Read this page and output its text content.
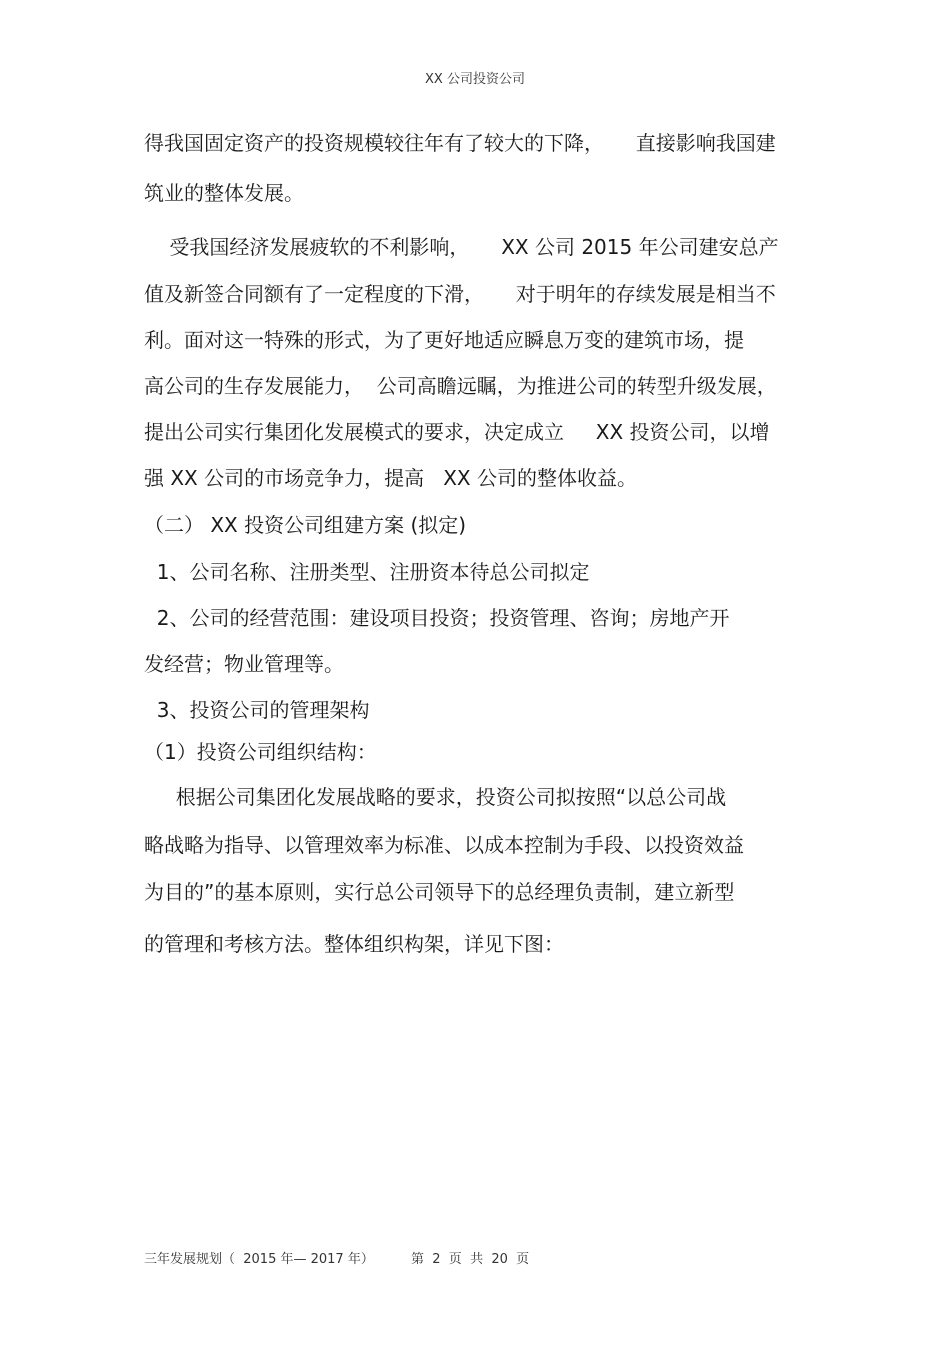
XX 公司投资公司
得我国固定资产的投资规模较往年有了较大的下降，     直接影响我国建
筑业的整体发展。
受我国经济发展疲软的不利影响，     XX 公司 2015 年公司建安总产
值及新签合同额有了一定程度的下滑，     对于明年的存续发展是相当不
利。面对这一特殊的形式，为了更好地适应瞬息万变的建筑市场，提
高公司的生存发展能力，  公司高瞻远瞩，为推进公司的转型升级发展，
提出公司实行集团化发展模式的要求，决定成立     XX 投资公司，以增
强 XX 公司的市场竞争力，提高   XX 公司的整体收益。
（二） XX 投资公司组建方案 (拟定)
1、公司名称、注册类型、注册资本待总公司拟定
2、公司的经营范围：建设项目投资；投资管理、咨询；房地产开
发经营；物业管理等。
3、投资公司的管理架构
（1）投资公司组织结构：
根据公司集团化发展战略的要求，投资公司拟按照“以总公司战
略战略为指导、以管理效率为标准、以成本控制为手段、以投资效益
为目的”的基本原则，实行总公司领导下的总经理负责制，建立新型
的管理和考核方法。整体组织构架，详见下图：
三年发展规划（  2015 年— 2017 年）	第  2  页  共  20  页
